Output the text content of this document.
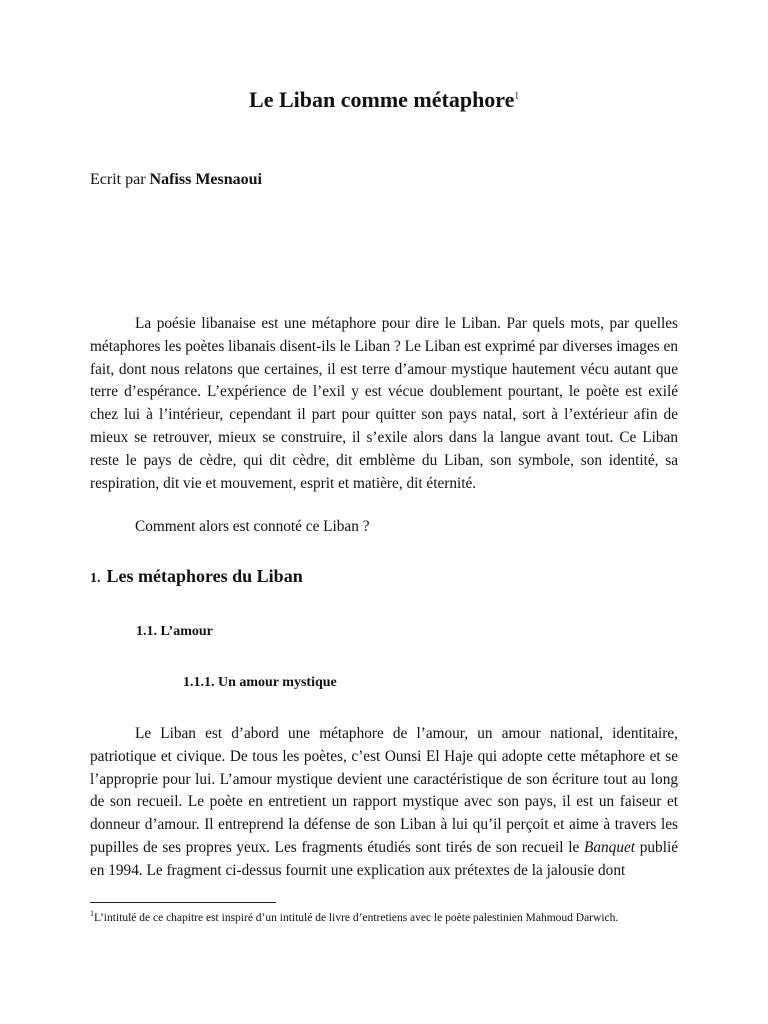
Le Liban comme métaphore$^1$

Ecrit par Nafiss Mesnaoui

La poésie libanaise est une métaphore pour dire le Liban. Par quels mots, par quelles métaphores les poètes libanais disent-ils le Liban ? Le Liban est exprimé par diverses images en fait, dont nous relatons que certaines, il est terre d’amour mystique hautement vécu autant que terre d’espérance. L’expérience de l’exil y est vécue doublement pourtant, le poète est exilé chez lui à l’intérieur, cependant il part pour quitter son pays natal, sort à l’extérieur afin de mieux se retrouver, mieux se construire, il s’exile alors dans la langue avant tout. Ce Liban reste le pays de cèdre, qui dit cèdre, dit emblème du Liban, son symbole, son identité, sa respiration, dit vie et mouvement, esprit et matière, dit éternité.

Comment alors est connoté ce Liban ?

1. Les métaphores du Liban
1.1. L’amour
1.1.1. Un amour mystique

Le Liban est d’abord une métaphore de l’amour, un amour national, identitaire, patriotique et civique. De tous les poètes, c’est Ounsi El Haje qui adopte cette métaphore et se l’approprie pour lui. L’amour mystique devient une caractéristique de son écriture tout au long de son recueil. Le poète en entretient un rapport mystique avec son pays, il est un faiseur et donneur d’amour. Il entreprend la défense de son Liban à lui qu’il perçoit et aime à travers les pupilles de ses propres yeux. Les fragments étudiés sont tirés de son recueil le Banquet publié en 1994. Le fragment ci-dessus fournit une explication aux prétextes de la jalousie dont

$^1$L’intitulé de ce chapitre est inspiré d’un intitulé de livre d’entretiens avec le poète palestinien Mahmoud Darwich.
